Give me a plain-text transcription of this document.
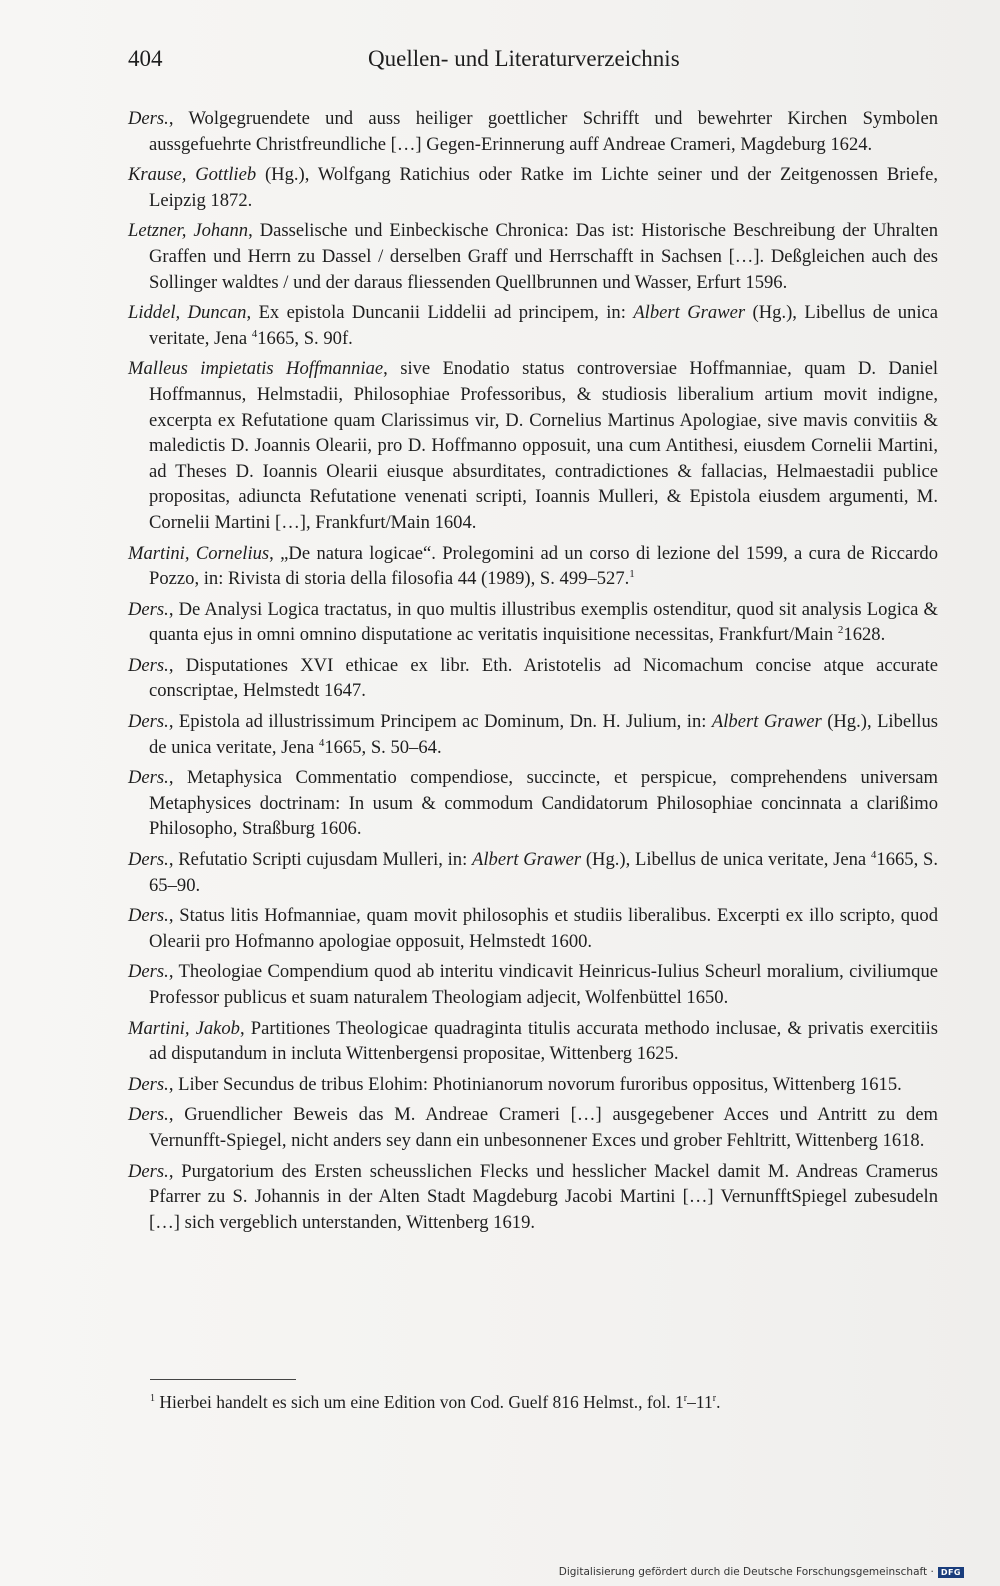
404	Quellen- und Literaturverzeichnis
Ders., Wolgegruendete und auss heiliger goettlicher Schrifft und bewehrter Kirchen Symbolen aussgefuehrte Christfreundliche […] Gegen-Erinnerung auff Andreae Crameri, Magdeburg 1624.
Krause, Gottlieb (Hg.), Wolfgang Ratichius oder Ratke im Lichte seiner und der Zeitgenossen Briefe, Leipzig 1872.
Letzner, Johann, Dasselische und Einbeckische Chronica: Das ist: Historische Beschreibung der Uhralten Graffen und Herrn zu Dassel / derselben Graff und Herrschafft in Sachsen […]. Deßgleichen auch des Sollinger waldtes / und der daraus fliessenden Quellbrunnen und Wasser, Erfurt 1596.
Liddel, Duncan, Ex epistola Duncanii Liddelii ad principem, in: Albert Grawer (Hg.), Libellus de unica veritate, Jena $^4$1665, S. 90f.
Malleus impietatis Hoffmanniae, sive Enodatio status controversiae Hoffmanniae, quam D. Daniel Hoffmannus, Helmstadii, Philosophiae Professoribus, & studiosis liberalium artium movit indigne, excerpta ex Refutatione quam Clarissimus vir, D. Cornelius Martinus Apologiae, sive mavis convitiis & maledictis D. Joannis Olearii, pro D. Hoffmanno opposuit, una cum Antithesi, eiusdem Cornelii Martini, ad Theses D. Ioannis Olearii eiusque absurditates, contradictiones & fallacias, Helmaestadii publice propositas, adiuncta Refutatione venenati scripti, Ioannis Mulleri, & Epistola eiusdem argumenti, M. Cornelii Martini […], Frankfurt/Main 1604.
Martini, Cornelius, „De natura logicae“. Prolegomini ad un corso di lezione del 1599, a cura de Riccardo Pozzo, in: Rivista di storia della filosofia 44 (1989), S. 499–527.$^1$
Ders., De Analysi Logica tractatus, in quo multis illustribus exemplis ostenditur, quod sit analysis Logica & quanta ejus in omni omnino disputatione ac veritatis inquisitione necessitas, Frankfurt/Main $^2$1628.
Ders., Disputationes XVI ethicae ex libr. Eth. Aristotelis ad Nicomachum concise atque accurate conscriptae, Helmstedt 1647.
Ders., Epistola ad illustrissimum Principem ac Dominum, Dn. H. Julium, in: Albert Grawer (Hg.), Libellus de unica veritate, Jena $^4$1665, S. 50–64.
Ders., Metaphysica Commentatio compendiose, succincte, et perspicue, comprehendens universam Metaphysices doctrinam: In usum & commodum Candidatorum Philosophiae concinnata a clarißimo Philosopho, Straßburg 1606.
Ders., Refutatio Scripti cujusdam Mulleri, in: Albert Grawer (Hg.), Libellus de unica veritate, Jena $^4$1665, S. 65–90.
Ders., Status litis Hofmanniae, quam movit philosophis et studiis liberalibus. Excerpti ex illo scripto, quod Olearii pro Hofmanno apologiae opposuit, Helmstedt 1600.
Ders., Theologiae Compendium quod ab interitu vindicavit Heinricus-Iulius Scheurl moralium, civiliumque Professor publicus et suam naturalem Theologiam adjecit, Wolfenbüttel 1650.
Martini, Jakob, Partitiones Theologicae quadraginta titulis accurata methodo inclusae, & privatis exercitiis ad disputandum in incluta Wittenbergensi propositae, Wittenberg 1625.
Ders., Liber Secundus de tribus Elohim: Photinianorum novorum furoribus oppositus, Wittenberg 1615.
Ders., Gruendlicher Beweis das M. Andreae Crameri […] ausgegebener Acces und Antritt zu dem Vernunfft-Spiegel, nicht anders sey dann ein unbesonnener Exces und grober Fehltritt, Wittenberg 1618.
Ders., Purgatorium des Ersten scheusslichen Flecks und hesslicher Mackel damit M. Andreas Cramerus Pfarrer zu S. Johannis in der Alten Stadt Magdeburg Jacobi Martini […] VernunfftSpiegel zubesudeln […] sich vergeblich unterstanden, Wittenberg 1619.
$^1$ Hierbei handelt es sich um eine Edition von Cod. Guelf 816 Helmst., fol. 1$^r$–11$^r$.
Digitalisierung gefördert durch die Deutsche Forschungsgemeinschaft · DFG
